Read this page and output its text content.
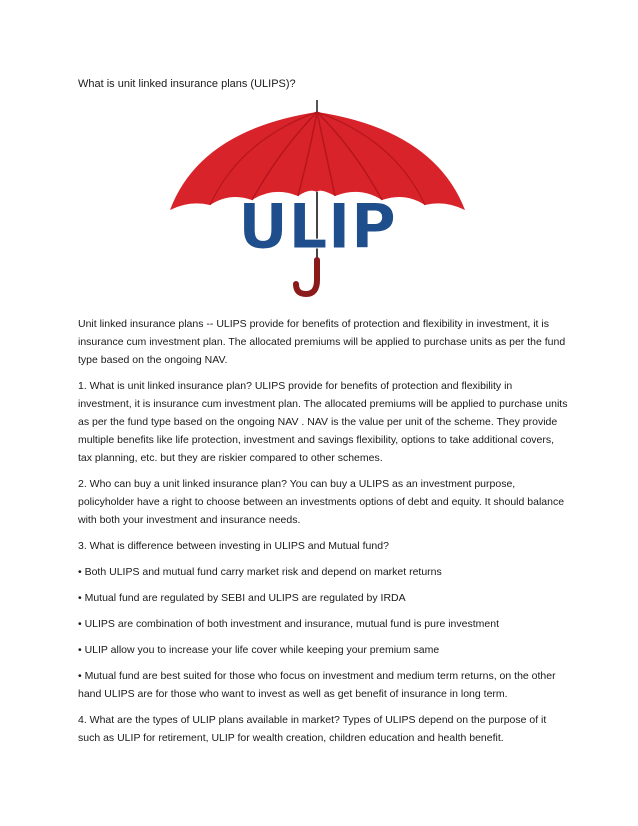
What is unit linked insurance plans (ULIPS)?
ULIP

Unit linked insurance plans -- ULIPS provide for benefits of protection and flexibility in investment, it is insurance cum investment plan. The allocated premiums will be applied to purchase units as per the fund type based on the ongoing NAV.

1. What is unit linked insurance plan? ULIPS provide for benefits of protection and flexibility in investment, it is insurance cum investment plan. The allocated premiums will be applied to purchase units as per the fund type based on the ongoing NAV . NAV is the value per unit of the scheme. They provide multiple benefits like life protection, investment and savings flexibility, options to take additional covers, tax planning, etc. but they are riskier compared to other schemes.

2. Who can buy a unit linked insurance plan? You can buy a ULIPS as an investment purpose, policyholder have a right to choose between an investments options of debt and equity. It should balance with both your investment and insurance needs.

3. What is difference between investing in ULIPS and Mutual fund?

• Both ULIPS and mutual fund carry market risk and depend on market returns

• Mutual fund are regulated by SEBI and ULIPS are regulated by IRDA

• ULIPS are combination of both investment and insurance, mutual fund is pure investment

• ULIP allow you to increase your life cover while keeping your premium same

• Mutual fund are best suited for those who focus on investment and medium term returns, on the other hand ULIPS are for those who want to invest as well as get benefit of insurance in long term.

4. What are the types of ULIP plans available in market? Types of ULIPS depend on the purpose of it such as ULIP for retirement, ULIP for wealth creation, children education and health benefit.
